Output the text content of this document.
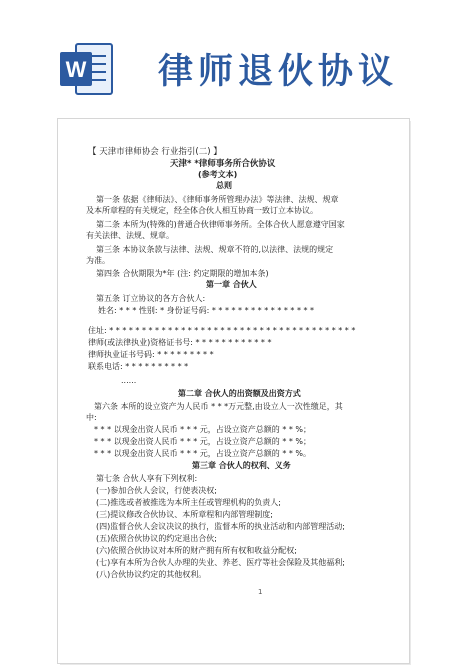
W 律师退伙协议
【 天津市律师协会 行业指引(二) 】
天津* *律师事务所合伙协议
(参考文本)
总则
第一条 依据《律师法》、《律师事务所管理办法》等法律、法规、规章
及本所章程的有关规定，经全体合伙人相互协商一致订立本协议。
第二条 本所为(特殊的)普通合伙律师事务所。全体合伙人愿意遵守国家
有关法律、法规、规章。
第三条 本协议条款与法律、法规、规章不符的,以法律、法规的规定
为准。
第四条 合伙期限为*年 (注: 约定期限的增加本条)
第一章 合伙人
第五条 订立协议的各方合伙人:
姓名: * * * 性别: * 身份证号码: * * * * * * * * * * * * * * * *
住址: * * * * * * * * * * * * * * * * * * * * * * * * * * * * * * * * * * * * * *
律师(或法律执业)资格证书号: * * * * * * * * * * * *
律师执业证书号码: * * * * * * * * *
联系电话: * * * * * * * * * *
......
第二章 合伙人的出资额及出资方式
第六条 本所的设立资产为人民币 * * *万元整,由设立人一次性缴足，其
中:
* * * 以现金出资人民币 * * * 元，占设立资产总额的 * * %；
* * * 以现金出资人民币 * * * 元，占设立资产总额的 * * %；
* * * 以现金出资人民币 * * * 元，占设立资产总额的 * * %。
第三章 合伙人的权利、义务
第七条 合伙人享有下列权利:
(一)参加合伙人会议，行使表决权;
(二)推选或者被推选为本所主任或管理机构的负责人;
(三)提议修改合伙协议、本所章程和内部管理制度;
(四)监督合伙人会议决议的执行，监督本所的执业活动和内部管理活动;
(五)依照合伙协议的约定退出合伙;
(六)依照合伙协议对本所的财产拥有所有权和收益分配权;
(七)享有本所为合伙人办理的失业、养老、医疗等社会保险及其他福利;
(八)合伙协议约定的其他权利。
1
